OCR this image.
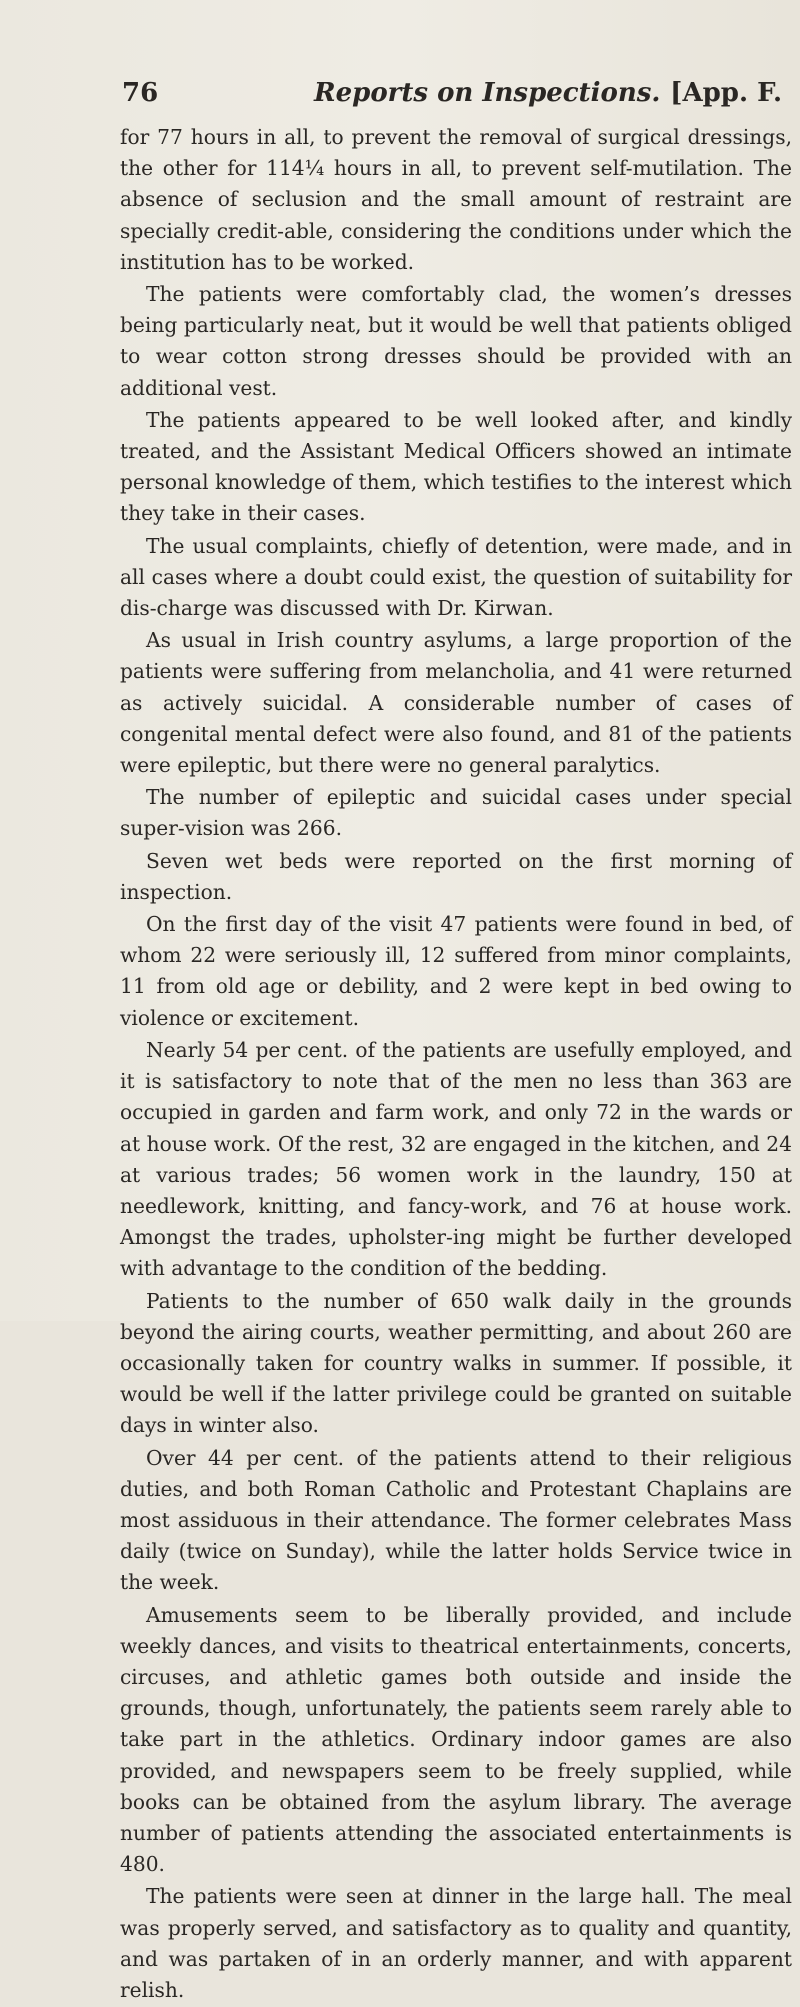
76	Reports on Inspections. [App. F.

for 77 hours in all, to prevent the removal of surgical dressings, the other for 114¼ hours in all, to prevent self-mutilation. The absence of seclusion and the small amount of restraint are specially credit-able, considering the conditions under which the institution has to be worked.

The patients were comfortably clad, the women’s dresses being particularly neat, but it would be well that patients obliged to wear cotton strong dresses should be provided with an additional vest.

The patients appeared to be well looked after, and kindly treated, and the Assistant Medical Officers showed an intimate personal knowledge of them, which testifies to the interest which they take in their cases.

The usual complaints, chiefly of detention, were made, and in all cases where a doubt could exist, the question of suitability for dis-charge was discussed with Dr. Kirwan.

As usual in Irish country asylums, a large proportion of the patients were suffering from melancholia, and 41 were returned as actively suicidal. A considerable number of cases of congenital mental defect were also found, and 81 of the patients were epileptic, but there were no general paralytics.

The number of epileptic and suicidal cases under special super-vision was 266.

Seven wet beds were reported on the first morning of inspection.

On the first day of the visit 47 patients were found in bed, of whom 22 were seriously ill, 12 suffered from minor complaints, 11 from old age or debility, and 2 were kept in bed owing to violence or excitement.

Nearly 54 per cent. of the patients are usefully employed, and it is satisfactory to note that of the men no less than 363 are occupied in garden and farm work, and only 72 in the wards or at house work. Of the rest, 32 are engaged in the kitchen, and 24 at various trades; 56 women work in the laundry, 150 at needlework, knitting, and fancy-work, and 76 at house work. Amongst the trades, upholster-ing might be further developed with advantage to the condition of the bedding.

Patients to the number of 650 walk daily in the grounds beyond the airing courts, weather permitting, and about 260 are occasionally taken for country walks in summer. If possible, it would be well if the latter privilege could be granted on suitable days in winter also.

Over 44 per cent. of the patients attend to their religious duties, and both Roman Catholic and Protestant Chaplains are most assiduous in their attendance. The former celebrates Mass daily (twice on Sunday), while the latter holds Service twice in the week.

Amusements seem to be liberally provided, and include weekly dances, and visits to theatrical entertainments, concerts, circuses, and athletic games both outside and inside the grounds, though, unfortunately, the patients seem rarely able to take part in the athletics. Ordinary indoor games are also provided, and newspapers seem to be freely supplied, while books can be obtained from the asylum library. The average number of patients attending the associated entertainments is 480.

The patients were seen at dinner in the large hall. The meal was properly served, and satisfactory as to quality and quantity, and was partaken of in an orderly manner, and with apparent relish.
